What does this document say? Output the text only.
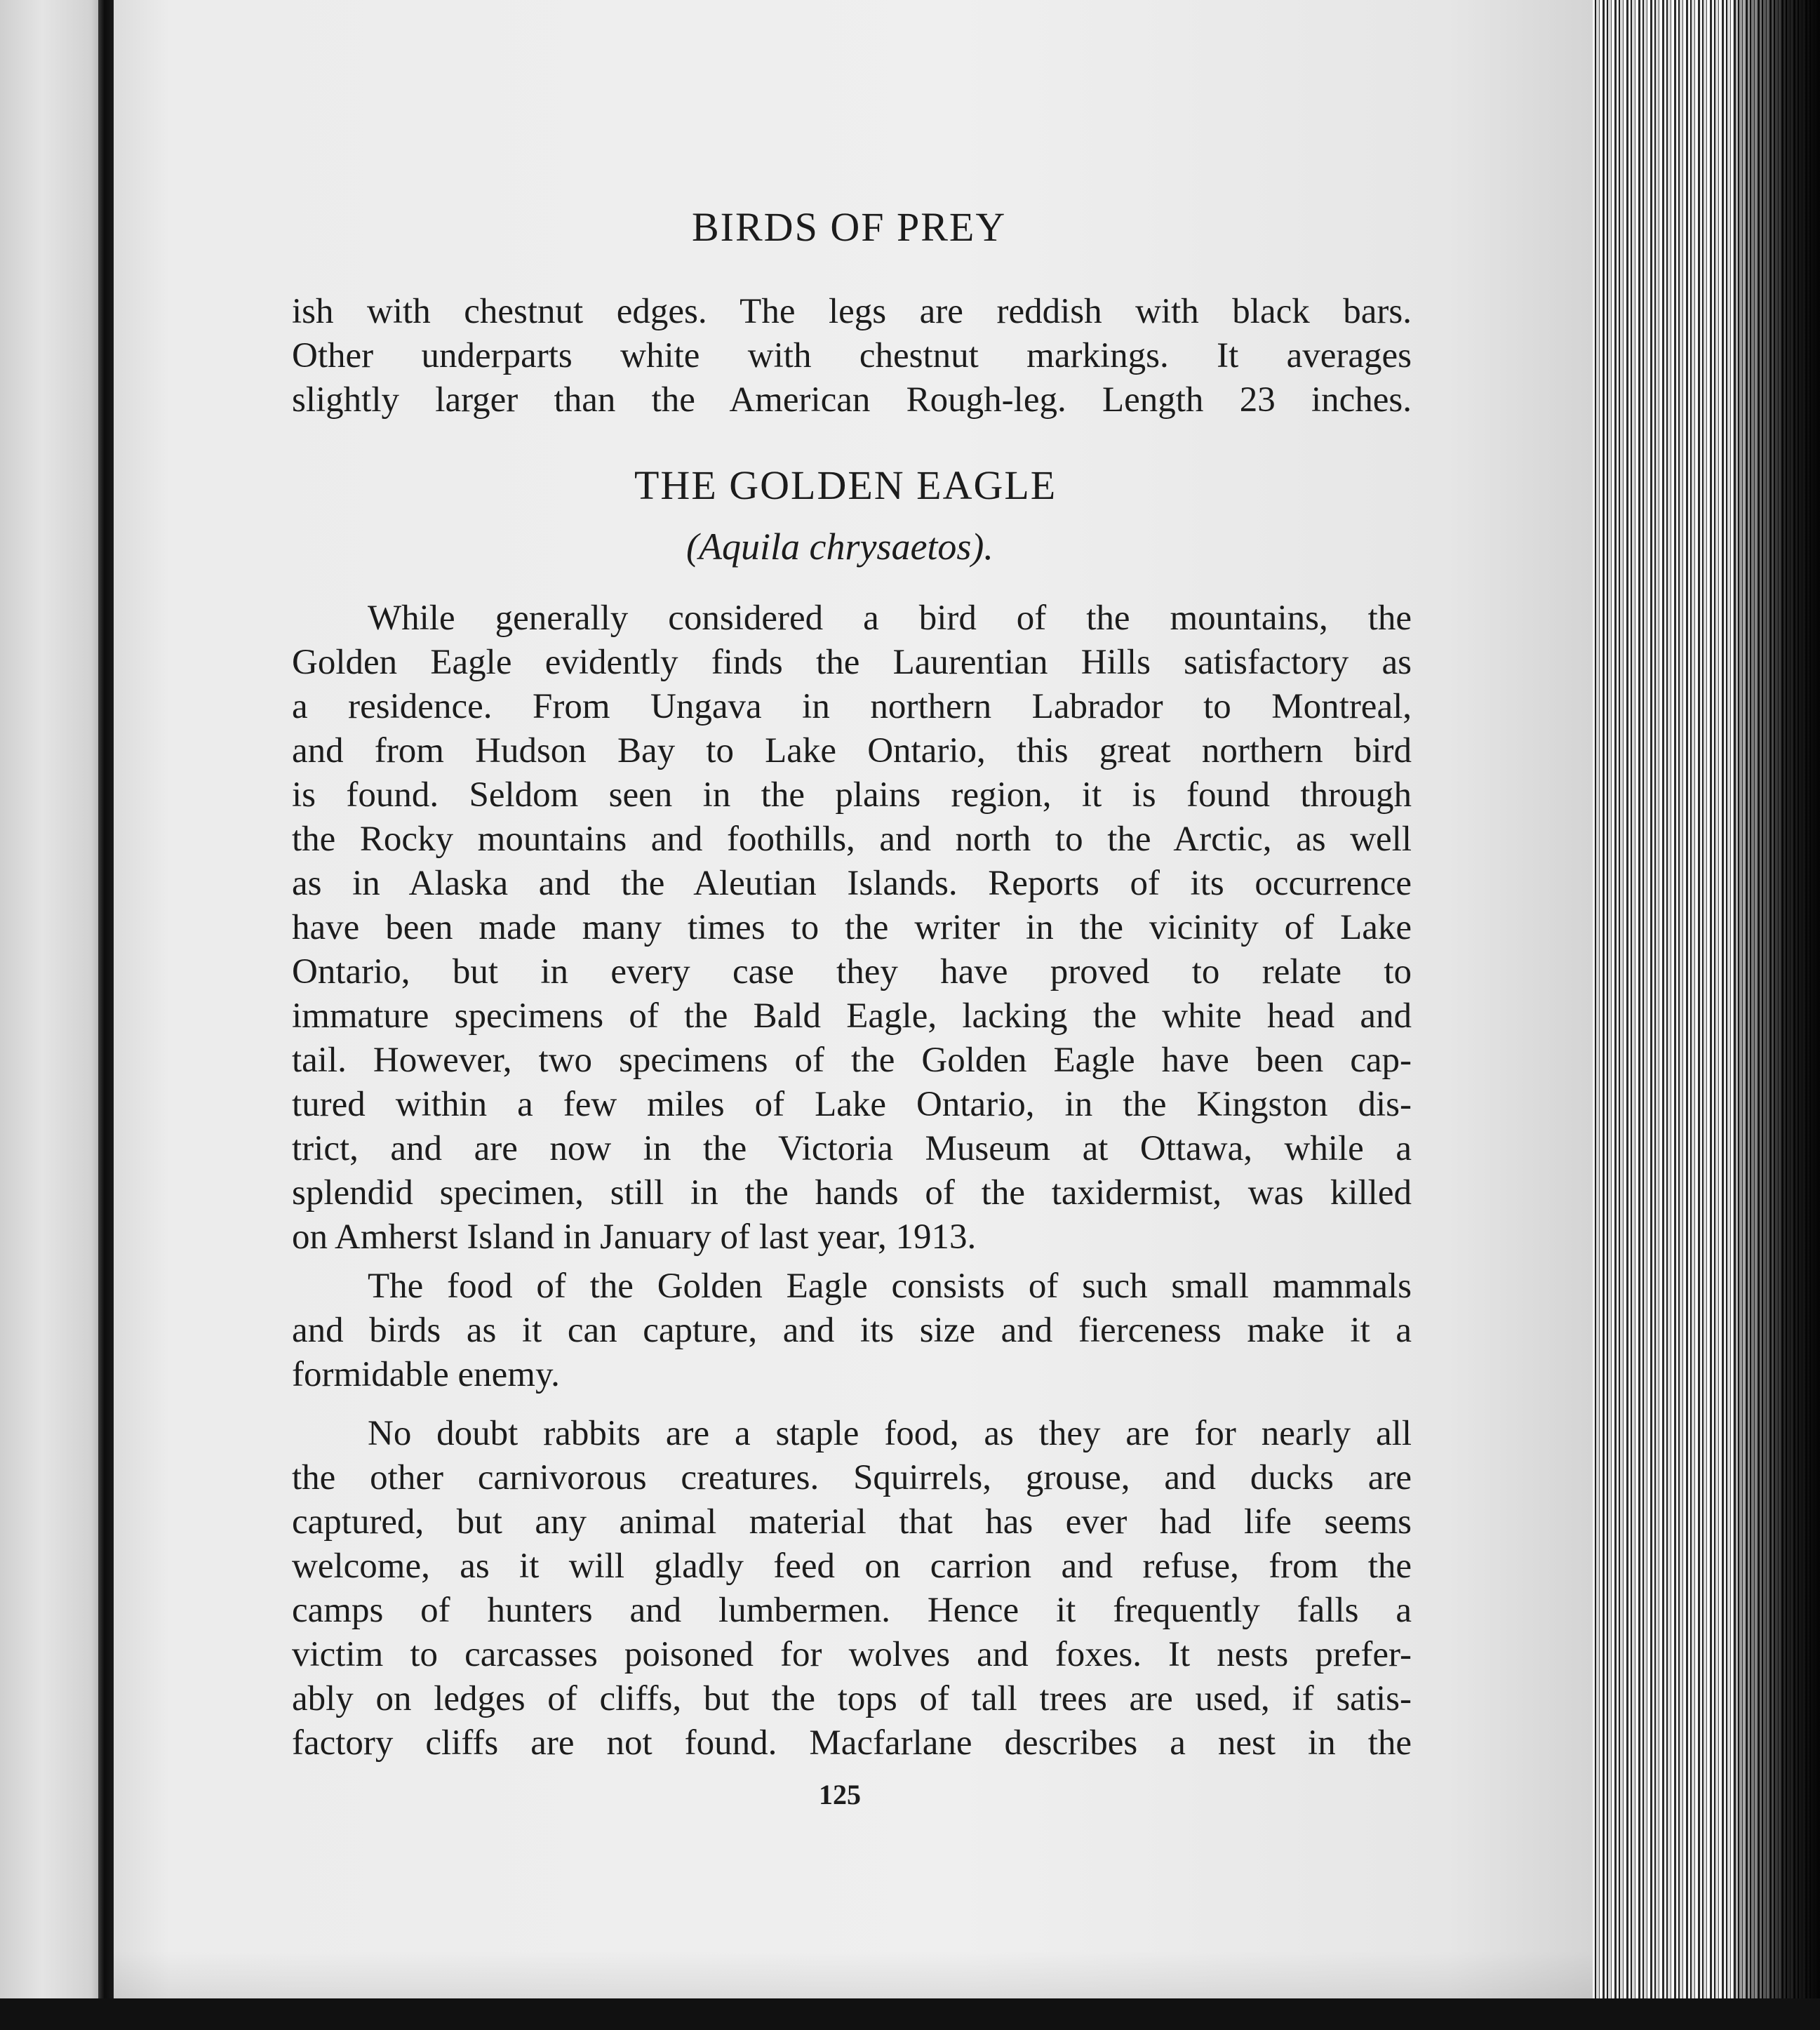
BIRDS OF PREY
ish with chestnut edges. The legs are reddish with black bars.
Other underparts white with chestnut markings. It averages
slightly larger than the American Rough-leg. Length 23 inches.
THE GOLDEN EAGLE

(Aquila chrysaetos).

While generally considered a bird of the mountains, the
Golden Eagle evidently finds the Laurentian Hills satisfactory as
a residence. From Ungava in northern Labrador to Montreal,
and from Hudson Bay to Lake Ontario, this great northern bird
is found. Seldom seen in the plains region, it is found through
the Rocky mountains and foothills, and north to the Arctic, as well
as in Alaska and the Aleutian Islands. Reports of its occurrence
have been made many times to the writer in the vicinity of Lake
Ontario, but in every case they have proved to relate to
immature specimens of the Bald Eagle, lacking the white head and
tail. However, two specimens of the Golden Eagle have been cap-
tured within a few miles of Lake Ontario, in the Kingston dis-
trict, and are now in the Victoria Museum at Ottawa, while a
splendid specimen, still in the hands of the taxidermist, was killed
on Amherst Island in January of last year, 1913.
The food of the Golden Eagle consists of such small mammals
and birds as it can capture, and its size and fierceness make it a
formidable enemy.
No doubt rabbits are a staple food, as they are for nearly all
the other carnivorous creatures. Squirrels, grouse, and ducks are
captured, but any animal material that has ever had life seems
welcome, as it will gladly feed on carrion and refuse, from the
camps of hunters and lumbermen. Hence it frequently falls a
victim to carcasses poisoned for wolves and foxes. It nests prefer-
ably on ledges of cliffs, but the tops of tall trees are used, if satis-
factory cliffs are not found. Macfarlane describes a nest in the

125
